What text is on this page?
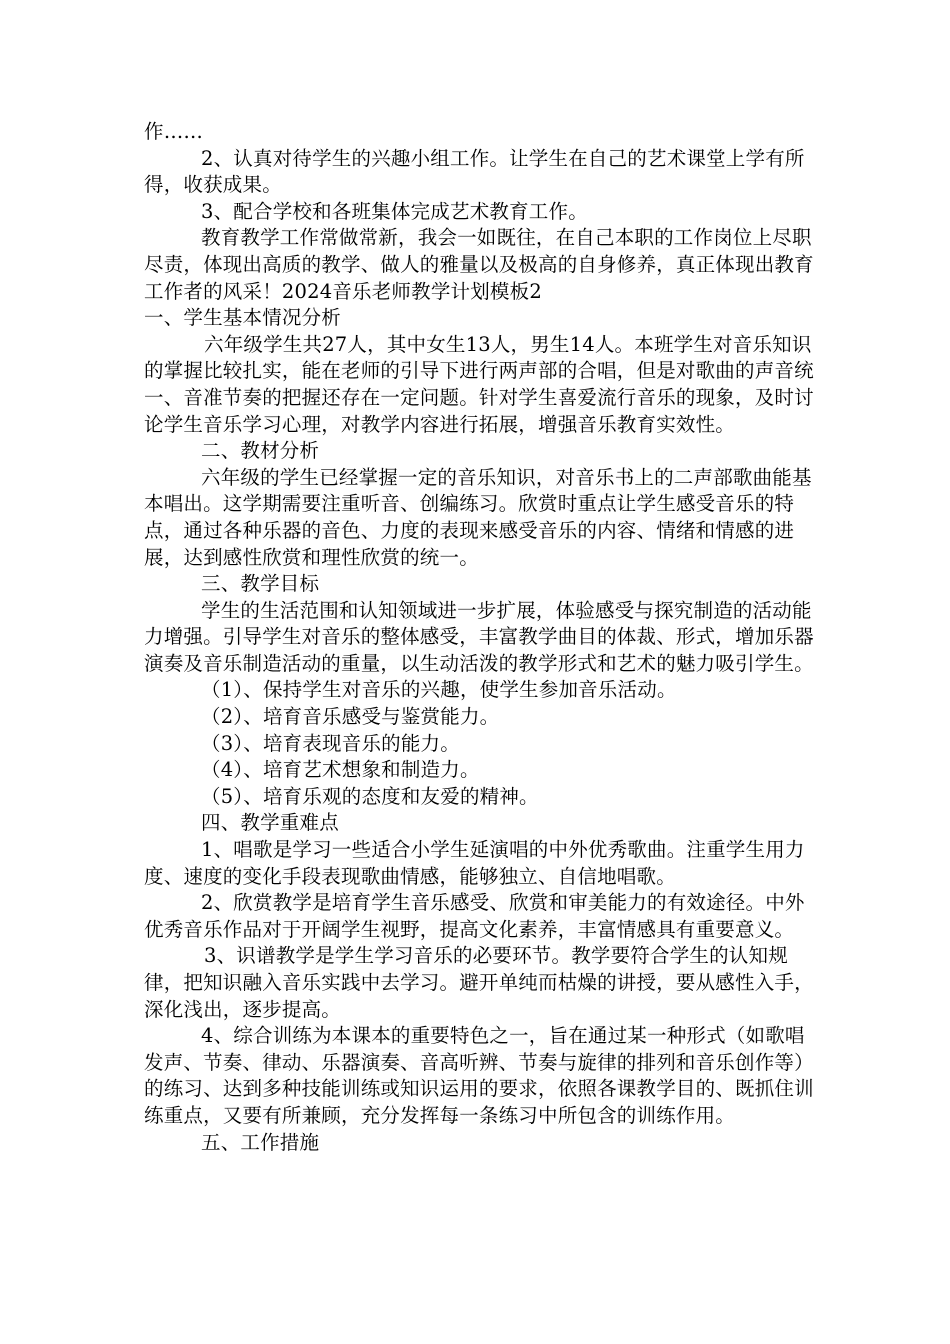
作……

2、认真对待学生的兴趣小组工作。让学生在自己的艺术课堂上学有所得，收获成果。

3、配合学校和各班集体完成艺术教育工作。

教育教学工作常做常新，我会一如既往，在自己本职的工作岗位上尽职尽责，体现出高质的教学、做人的雅量以及极高的自身修养，真正体现出教育工作者的风采！2024音乐老师教学计划模板2

一、学生基本情况分析

六年级学生共27人，其中女生13人，男生14人。本班学生对音乐知识的掌握比较扎实，能在老师的引导下进行两声部的合唱，但是对歌曲的声音统一、音准节奏的把握还存在一定问题。针对学生喜爱流行音乐的现象，及时讨论学生音乐学习心理，对教学内容进行拓展，增强音乐教育实效性。

二、教材分析

六年级的学生已经掌握一定的音乐知识，对音乐书上的二声部歌曲能基本唱出。这学期需要注重听音、创编练习。欣赏时重点让学生感受音乐的特点，通过各种乐器的音色、力度的表现来感受音乐的内容、情绪和情感的进展，达到感性欣赏和理性欣赏的统一。

三、教学目标

学生的生活范围和认知领域进一步扩展，体验感受与探究制造的活动能力增强。引导学生对音乐的整体感受，丰富教学曲目的体裁、形式，增加乐器演奏及音乐制造活动的重量，以生动活泼的教学形式和艺术的魅力吸引学生。

（1）、保持学生对音乐的兴趣，使学生参加音乐活动。

（2）、培育音乐感受与鉴赏能力。

（3）、培育表现音乐的能力。

（4）、培育艺术想象和制造力。

（5）、培育乐观的态度和友爱的精神。

四、教学重难点

1、唱歌是学习一些适合小学生延演唱的中外优秀歌曲。注重学生用力度、速度的变化手段表现歌曲情感，能够独立、自信地唱歌。

2、欣赏教学是培育学生音乐感受、欣赏和审美能力的有效途径。中外优秀音乐作品对于开阔学生视野，提高文化素养，丰富情感具有重要意义。

3、识谱教学是学生学习音乐的必要环节。教学要符合学生的认知规律，把知识融入音乐实践中去学习。避开单纯而枯燥的讲授，要从感性入手，深化浅出，逐步提高。

4、综合训练为本课本的重要特色之一，旨在通过某一种形式（如歌唱发声、节奏、律动、乐器演奏、音高听辨、节奏与旋律的排列和音乐创作等）的练习、达到多种技能训练或知识运用的要求，依照各课教学目的、既抓住训练重点，又要有所兼顾，充分发挥每一条练习中所包含的训练作用。

五、工作措施
